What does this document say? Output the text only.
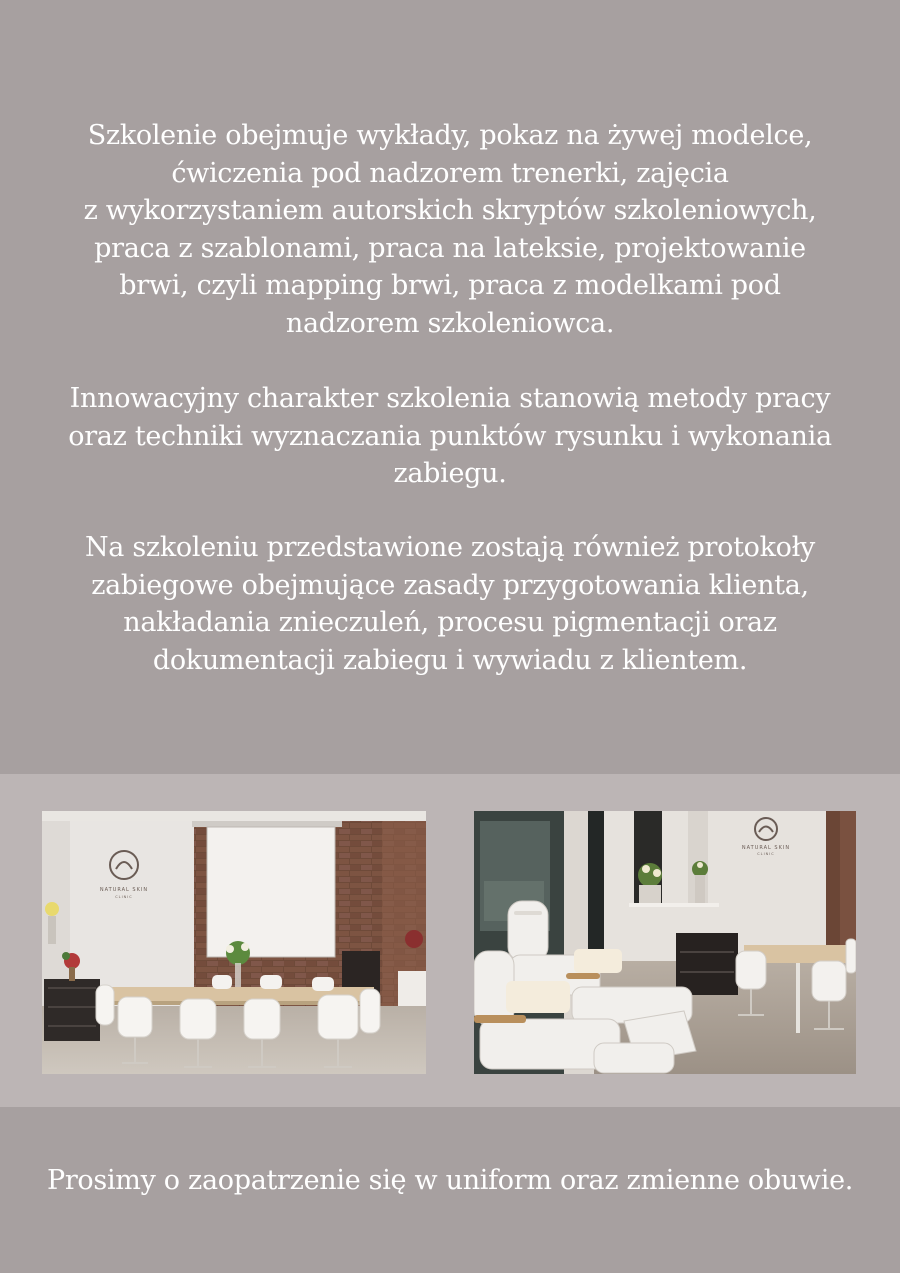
Szkolenie obejmuje wykłady, pokaz na żywej modelce,
ćwiczenia pod nadzorem trenerki, zajęcia
z wykorzystaniem autorskich skryptów szkoleniowych,
praca z szablonami, praca na lateksie, projektowanie
brwi, czyli mapping brwi, praca z modelkami pod
nadzorem szkoleniowca.
Innowacyjny charakter szkolenia stanowią metody pracy
oraz techniki wyznaczania punktów rysunku i wykonania
zabiegu.
Na szkoleniu przedstawione zostają również protokoły
zabiegowe obejmujące zasady przygotowania klienta,
nakładania znieczuleń, procesu pigmentacji oraz
dokumentacji zabiegu i wywiadu z klientem.
NATURAL SKIN
CLINIC
NATURAL SKIN
CLINIC
Prosimy o zaopatrzenie się w uniform oraz zmienne obuwie.
